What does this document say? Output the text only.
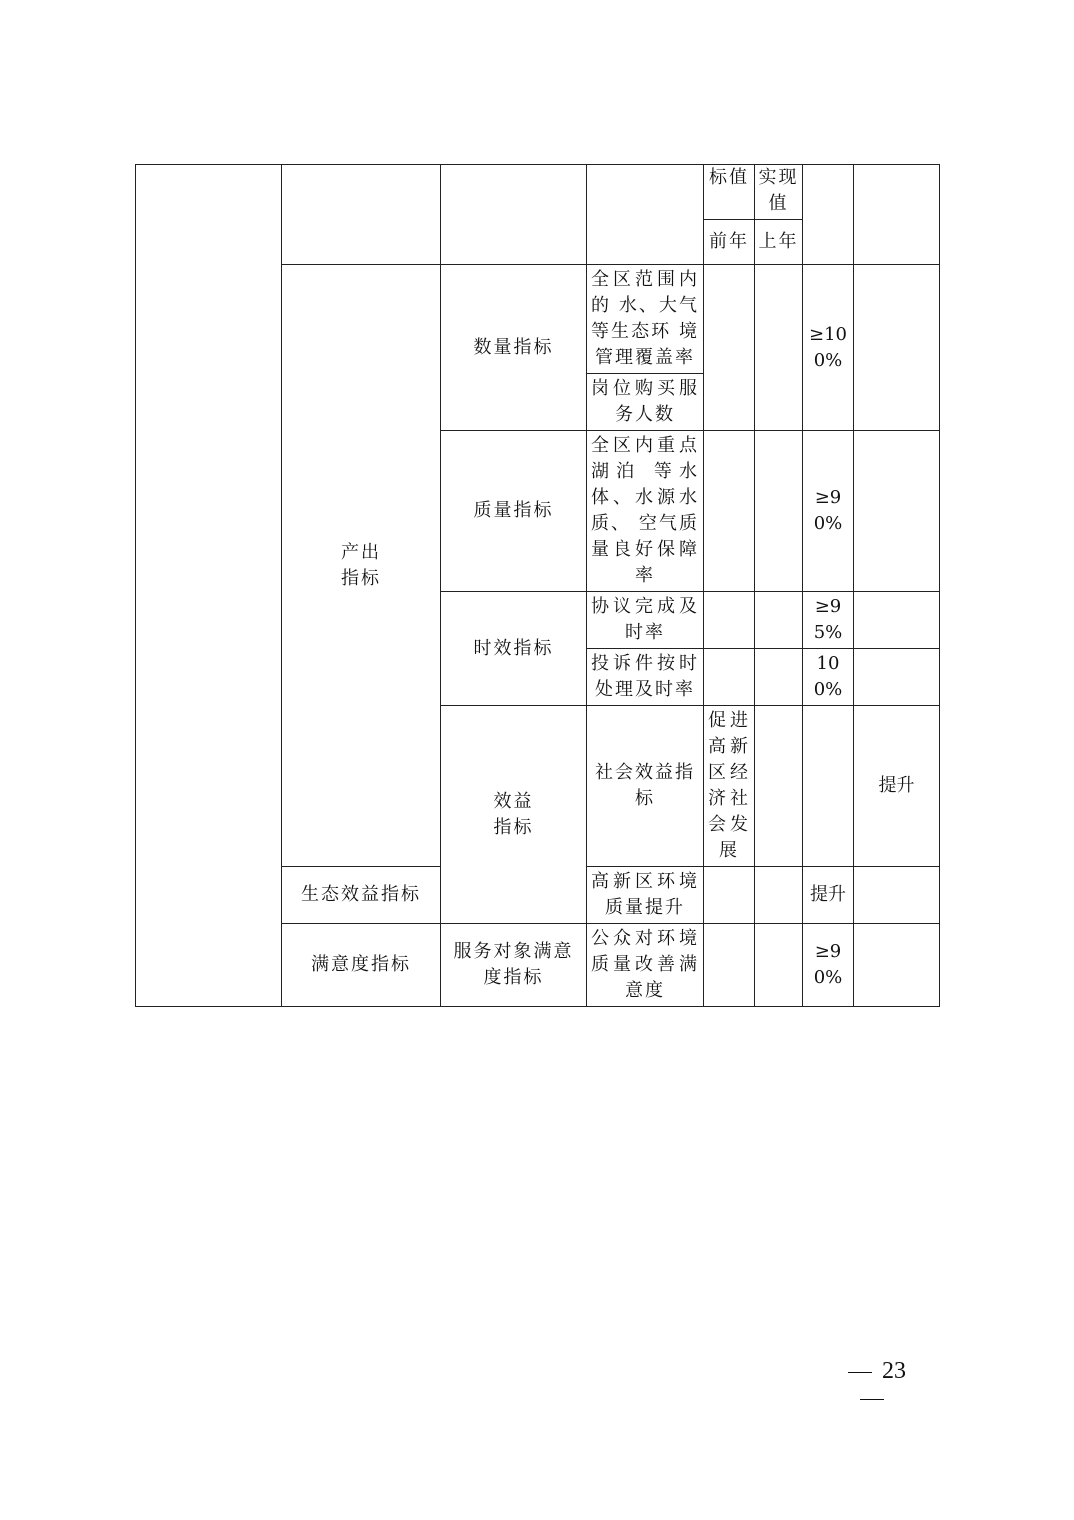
				标值	实现值			
				前年	上年			
	产出指标	数量指标	全区范围内的 水、大气等生态环 境管理覆盖率			≥100%		

			岗位购买服务人数					

		质量指标	全区内重点湖泊 等水体、水源水质、 空气质量良好保障率			≥90%		

		时效指标	协议完成及时率			≥95%		

			投诉件按时处理及时率			100%		

		效益指标	社会效益指标	促进高新区经济社会发展			提升	
	生态效益指标		高新区环境质量提升			提升		
	满意度指标	服务对象满意度指标	公众对环境质量改善满意度			≥90%		
23
